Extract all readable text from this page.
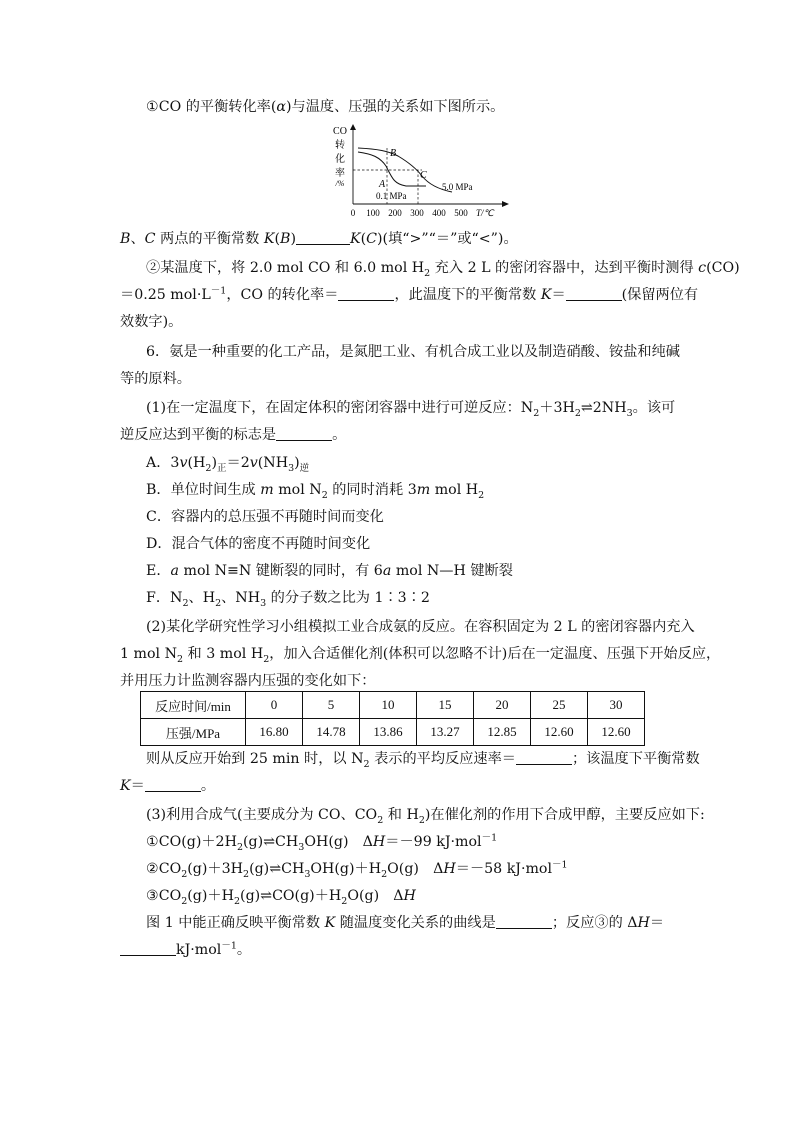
①CO 的平衡转化率(α)与温度、压强的关系如下图所示。
CO
转
化
率
/%
B
C
A	5.0 MPa
0.1 MPa
0 100 200 300 400 500 T/℃
B、C 两点的平衡常数 K(B)	K(C)(填“>”“＝”或“<”)。
②某温度下，将 2.0 mol CO 和 6.0 mol $H_2$ 充入 2 L 的密闭容器中，达到平衡时测得 c(CO)
＝0.25 $mol\cdot L^{-1}$，CO 的转化率＝	，此温度下的平衡常数 K＝	(保留两位有
效数字)。
6．氨是一种重要的化工产品，是氮肥工业、有机合成工业以及制造硝酸、铵盐和纯碱
等的原料。
(1)在一定温度下，在固定体积的密闭容器中进行可逆反应：$N_2+3H_2\rightleftharpoons 2NH_3$。该可
逆反应达到平衡的标志是	。
A．$3v(H_2)_正=2v(NH_3)_逆$
B．单位时间生成 m mol $N_2$ 的同时消耗 3m mol $H_2$
C．容器内的总压强不再随时间而变化
D．混合气体的密度不再随时间变化
E．a mol N≡N 键断裂的同时，有 6a mol N—H 键断裂
F．$N_2$、$H_2$、$NH_3$ 的分子数之比为 1∶3∶2
(2)某化学研究性学习小组模拟工业合成氨的反应。在容积固定为 2 L 的密闭容器内充入
1 mol $N_2$ 和 3 mol $H_2$，加入合适催化剂(体积可以忽略不计)后在一定温度、压强下开始反应，
并用压力计监测容器内压强的变化如下：
反应时间/min	0	5	10	15	20	25	30
压强/MPa	16.80	14.78	13.86	13.27	12.85	12.60	12.60
则从反应开始到 25 min 时，以 $N_2$ 表示的平均反应速率＝	；该温度下平衡常数
K＝	。
(3)利用合成气(主要成分为 CO、$CO_2$ 和 $H_2$)在催化剂的作用下合成甲醇，主要反应如下:
$①CO(g)+2H_2(g)\rightleftharpoons CH_3OH(g)$　ΔH＝－99 kJ·mol$^{-1}$
$②CO_2(g)+3H_2(g)\rightleftharpoons CH_3OH(g)+H_2O(g)$　ΔH＝－58 kJ·mol$^{-1}$
$③CO_2(g)+H_2(g)\rightleftharpoons CO(g)+H_2O(g)$　ΔH
图 1 中能正确反映平衡常数 K 随温度变化关系的曲线是	；反应③的 ΔH＝
kJ·mol$^{-1}$。
